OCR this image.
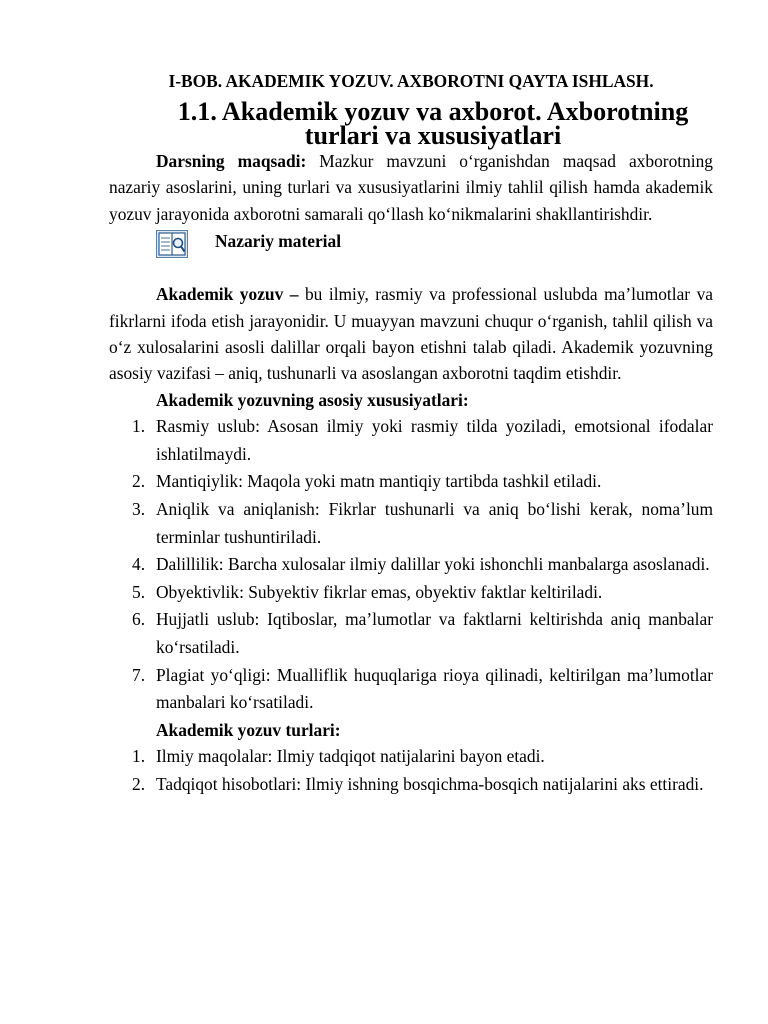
I-BOB. AKADEMIK YOZUV. AXBOROTNI QAYTA ISHLASH.
1.1. Akademik yozuv va axborot. Axborotning turlari va xususiyatlari

Darsning maqsadi: Mazkur mavzuni o‘rganishdan maqsad axborotning nazariy asoslarini, uning turlari va xususiyatlarini ilmiy tahlil qilish hamda akademik yozuv jarayonida axborotni samarali qo‘llash ko‘nikmalarini shakllantirishdir.

Nazariy material

Akademik yozuv – bu ilmiy, rasmiy va professional uslubda ma’lumotlar va fikrlarni ifoda etish jarayonidir. U muayyan mavzuni chuqur o‘rganish, tahlil qilish va o‘z xulosalarini asosli dalillar orqali bayon etishni talab qiladi. Akademik yozuvning asosiy vazifasi – aniq, tushunarli va asoslangan axborotni taqdim etishdir.

Akademik yozuvning asosiy xususiyatlari:

1. Rasmiy uslub: Asosan ilmiy yoki rasmiy tilda yoziladi, emotsional ifodalar ishlatilmaydi.
2. Mantiqiylik: Maqola yoki matn mantiqiy tartibda tashkil etiladi.
3. Aniqlik va aniqlanish: Fikrlar tushunarli va aniq bo‘lishi kerak, noma’lum terminlar tushuntiriladi.
4. Dalillilik: Barcha xulosalar ilmiy dalillar yoki ishonchli manbalarga asoslanadi.
5. Obyektivlik: Subyektiv fikrlar emas, obyektiv faktlar keltiriladi.
6. Hujjatli uslub: Iqtiboslar, ma’lumotlar va faktlarni keltirishda aniq manbalar ko‘rsatiladi.
7. Plagiat yo‘qligi: Mualliflik huquqlariga rioya qilinadi, keltirilgan ma’lumotlar manbalari ko‘rsatiladi.

Akademik yozuv turlari:

1. Ilmiy maqolalar: Ilmiy tadqiqot natijalarini bayon etadi.
2. Tadqiqot hisobotlari: Ilmiy ishning bosqichma-bosqich natijalarini aks ettiradi.
